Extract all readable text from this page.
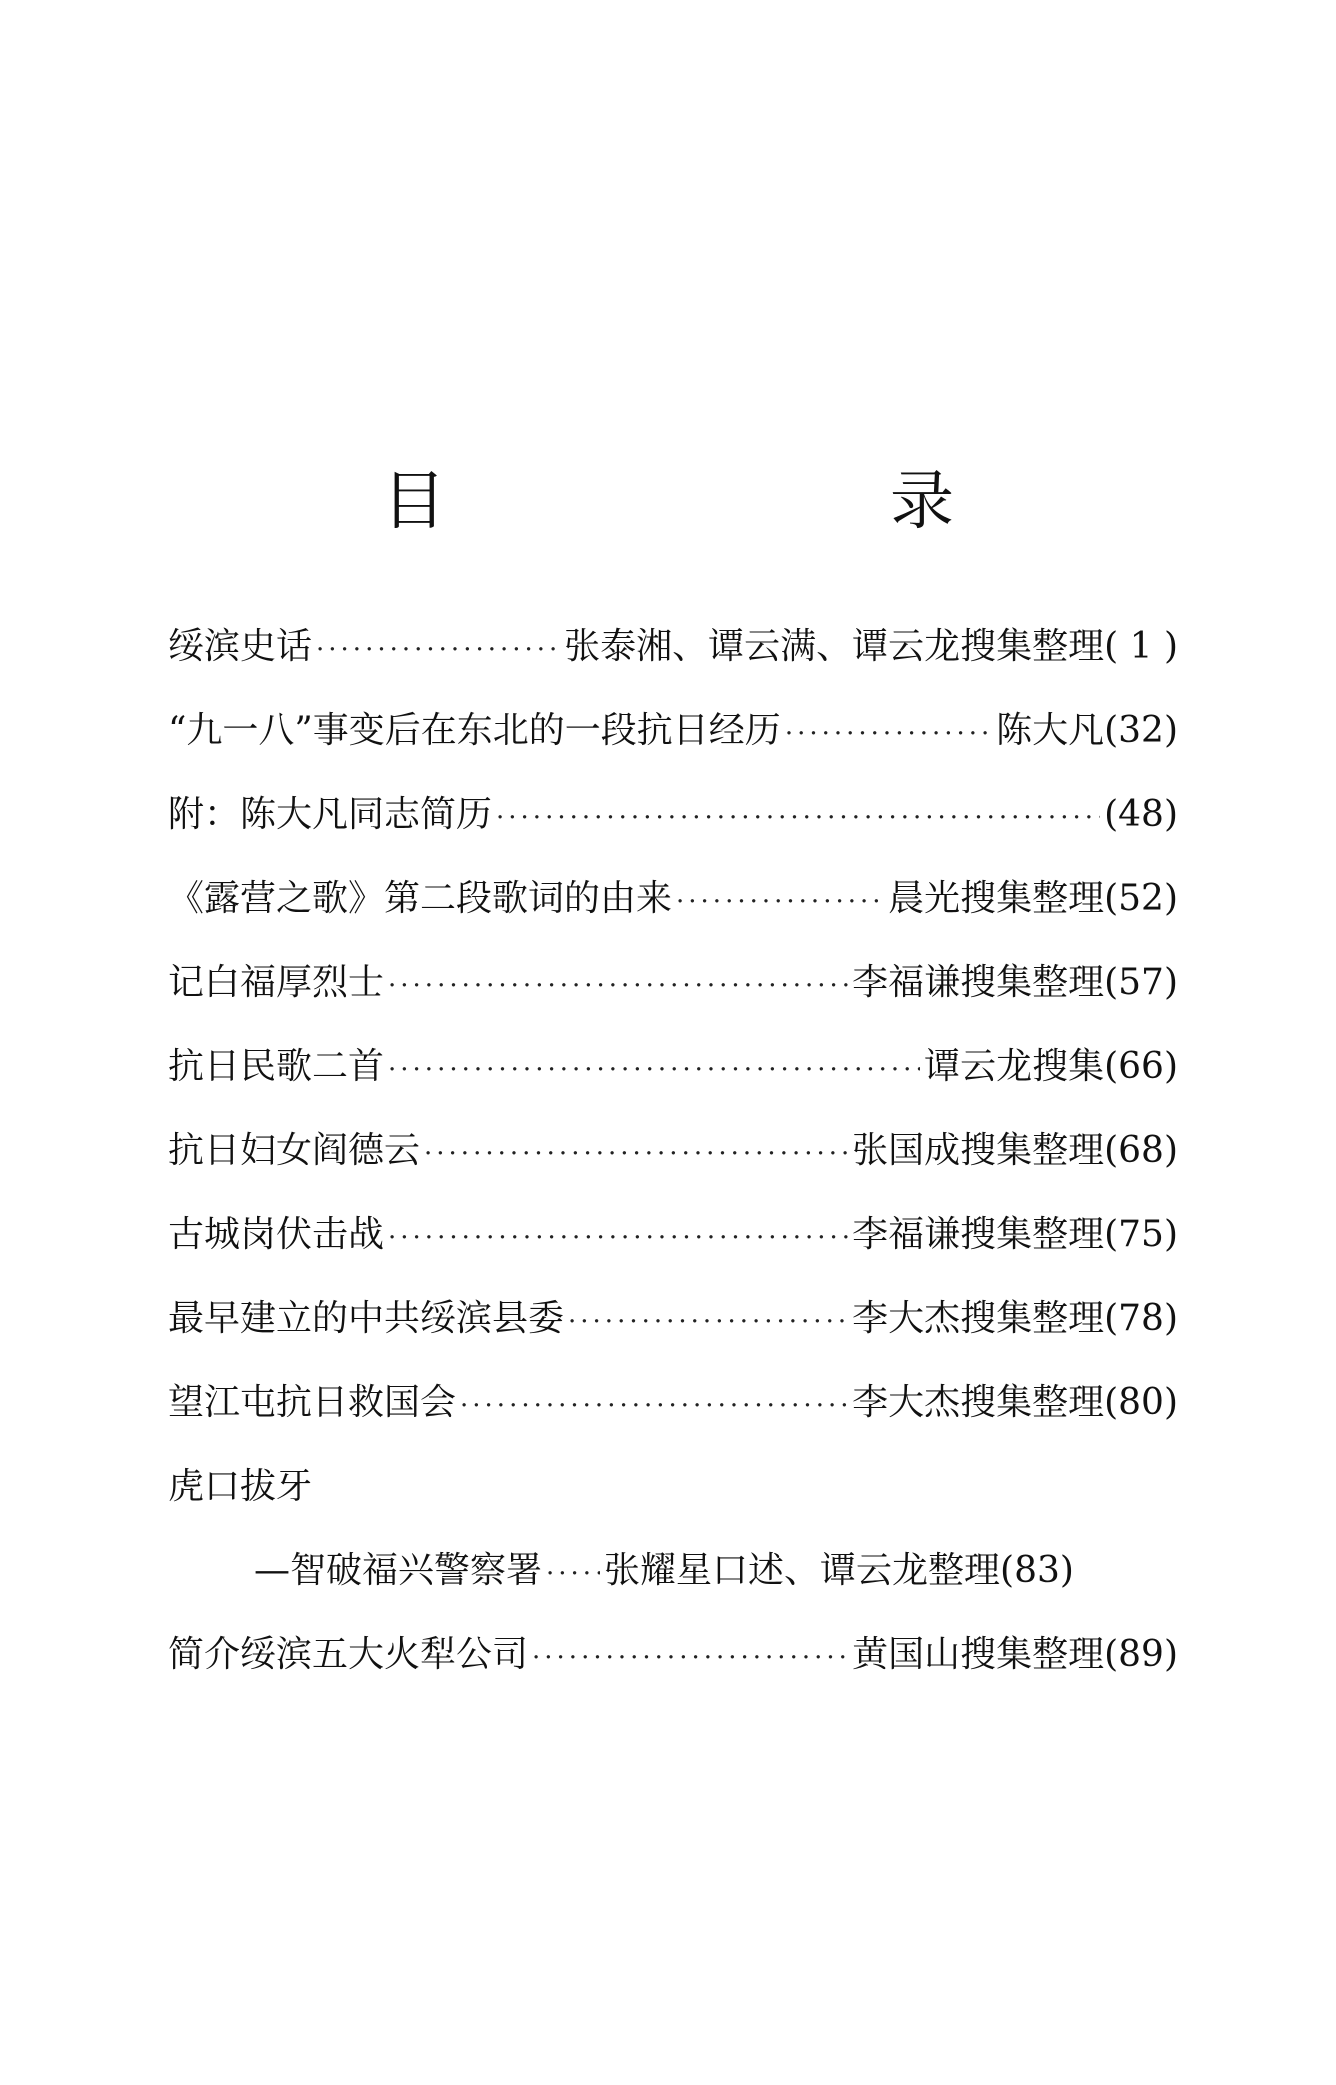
目　录
绥滨史话 ·····	张泰湘、谭云满、谭云龙搜集整理 ( 1 )
“九一八”事变后在东北的一段抗日经历 ·····	陈大凡 (32)
附：陈大凡同志简历 ·····	(48)
《露营之歌》第二段歌词的由来 ·····	晨光搜集整理 (52)
记白福厚烈士 ·····	李福谦搜集整理 (57)
抗日民歌二首 ·····	谭云龙搜集 (66)
抗日妇女阎德云 ·····	张国成搜集整理 (68)
古城岗伏击战 ·····	李福谦搜集整理 (75)
最早建立的中共绥滨县委 ·····	李大杰搜集整理 (78)
望江屯抗日救国会 ·····	李大杰搜集整理 (80)
虎口拔牙
—智破福兴警察署 ····· 张耀星口述、谭云龙整理 (83)
简介绥滨五大火犁公司 ·····	黄国山搜集整理 (89)
